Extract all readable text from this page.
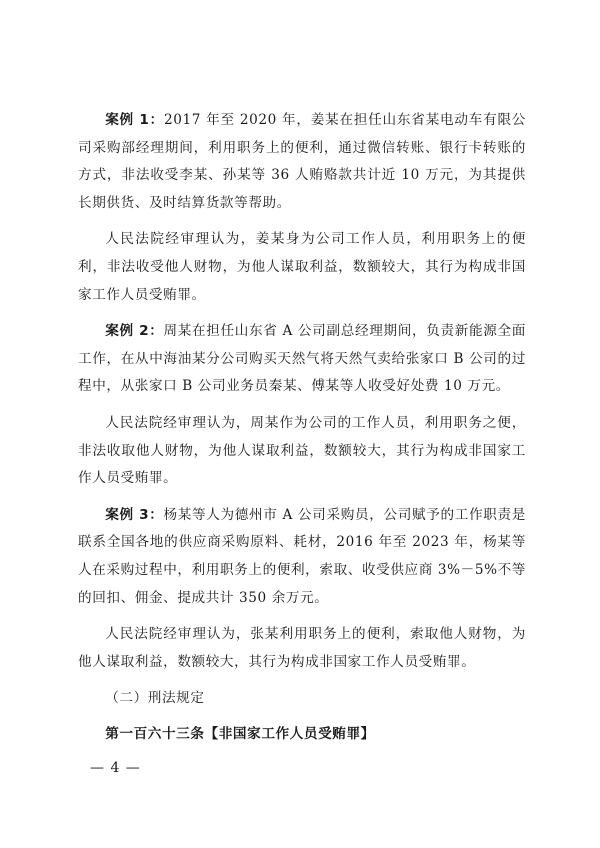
案例 1：2017 年至 2020 年，姜某在担任山东省某电动车有限公司采购部经理期间，利用职务上的便利，通过微信转账、银行卡转账的方式，非法收受李某、孙某等 36 人贿赂款共计近 10 万元，为其提供长期供货、及时结算货款等帮助。

人民法院经审理认为，姜某身为公司工作人员，利用职务上的便利，非法收受他人财物，为他人谋取利益，数额较大，其行为构成非国家工作人员受贿罪。

案例 2：周某在担任山东省 A 公司副总经理期间，负责新能源全面工作，在从中海油某分公司购买天然气将天然气卖给张家口 B 公司的过程中，从张家口 B 公司业务员秦某、傅某等人收受好处费 10 万元。

人民法院经审理认为，周某作为公司的工作人员，利用职务之便，非法收取他人财物，为他人谋取利益，数额较大，其行为构成非国家工作人员受贿罪。

案例 3：杨某等人为德州市 A 公司采购员，公司赋予的工作职责是联系全国各地的供应商采购原料、耗材，2016 年至 2023 年，杨某等人在采购过程中，利用职务上的便利，索取、收受供应商 3%－5%不等的回扣、佣金、提成共计 350 余万元。

人民法院经审理认为，张某利用职务上的便利，索取他人财物，为他人谋取利益，数额较大，其行为构成非国家工作人员受贿罪。

（二）刑法规定

第一百六十三条【非国家工作人员受贿罪】

— 4 —
